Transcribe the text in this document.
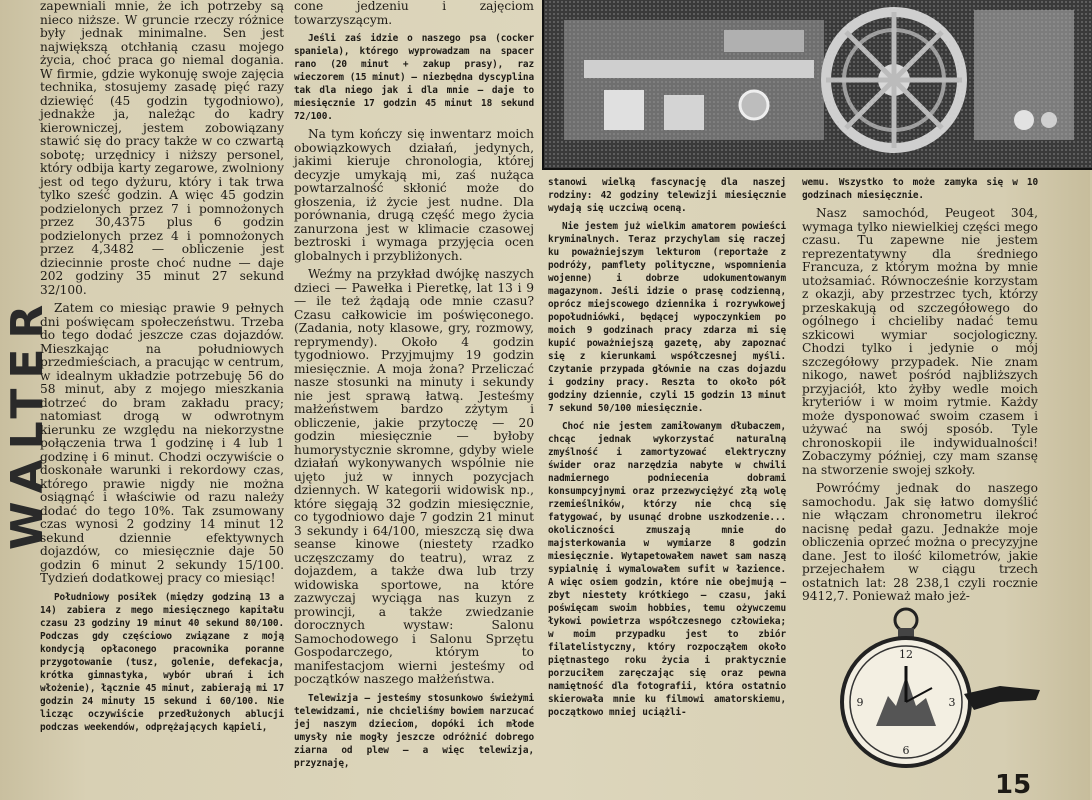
WALTER

zapewniali mnie, że ich potrzeby są nieco niższe. W gruncie rzeczy różnice były jednak minimalne. Sen jest największą otchłanią czasu mojego życia, choć praca go niemal dogania. W firmie, gdzie wykonuję swoje zajęcia technika, stosujemy zasadę pięć razy dziewięć (45 godzin tygodniowo), jednakże ja, należąc do kadry kierowniczej, jestem zobowiązany stawić się do pracy także w co czwartą sobotę; urzędnicy i niższy personel, który odbija karty zegarowe, zwolniony jest od tego dyżuru, który i tak trwa tylko sześć godzin. A więc 45 godzin podzielonych przez 7 i pomnożonych przez 30,4375 plus 6 godzin podzielonych przez 4 i pomnożonych przez 4,3482 — obliczenie jest dziecinnie proste choć nudne — daje 202 godziny 35 minut 27 sekund 32/100.

Zatem co miesiąc prawie 9 pełnych dni poświęcam społeczeństwu. Trzeba do tego dodać jeszcze czas dojazdów. Mieszkając na południowych przedmieściach, a pracując w centrum, w idealnym układzie potrzebuję 56 do 58 minut, aby z mojego mieszkania dotrzeć do bram zakładu pracy; natomiast drogą w odwrotnym kierunku ze względu na niekorzystne połączenia trwa 1 godzinę i 4 lub 1 godzinę i 6 minut. Chodzi oczywiście o doskonałe warunki i rekordowy czas, którego prawie nigdy nie można osiągnąć i właściwie od razu należy dodać do tego 10%. Tak zsumowany czas wynosi 2 godziny 14 minut 12 sekund dziennie efektywnych dojazdów, co miesięcznie daje 50 godzin 6 minut 2 sekundy 15/100. Tydzień dodatkowej pracy co miesiąc!

Południowy posiłek (między godziną 13 a 14) zabiera z mego miesięcznego kapitału czasu 23 godziny 19 minut 40 sekund 80/100. Podczas gdy częściowo związane z moją kondycją opłaconego pracownika poranne przygotowanie (tusz, golenie, defekacja, krótka gimnastyka, wybór ubrań i ich włożenie), łącznie 45 minut, zabierają mi 17 godzin 24 minuty 15 sekund i 60/100. Nie licząc oczywiście przedłużonych ablucji podczas weekendów, odprężających kąpieli,

cone jedzeniu i zajęciom towarzyszącym.

Jeśli zaś idzie o naszego psa (cocker spaniela), którego wyprowadzam na spacer rano (20 minut + zakup prasy), raz wieczorem (15 minut) — niezbędna dyscyplina tak dla niego jak i dla mnie — daje to miesięcznie 17 godzin 45 minut 18 sekund 72/100.

Na tym kończy się inwentarz moich obowiązkowych działań, jedynych, jakimi kieruje chronologia, której decyzje umykają mi, zaś nużąca powtarzalność skłonić może do głoszenia, iż życie jest nudne. Dla porównania, drugą część mego życia zanurzona jest w klimacie czasowej beztroski i wymaga przyjęcia ocen globalnych i przybliżonych.

Weźmy na przykład dwójkę naszych dzieci — Pawełka i Pieretkę, lat 13 i 9 — ile też żądają ode mnie czasu? Czasu całkowicie im poświęconego. (Zadania, noty klasowe, gry, rozmowy, reprymendy). Około 4 godzin tygodniowo. Przyjmujmy 19 godzin miesięcznie. A moja żona? Przeliczać nasze stosunki na minuty i sekundy nie jest sprawą łatwą. Jesteśmy małżeństwem bardzo zżytym i obliczenie, jakie przytoczę — 20 godzin miesięcznie — byłoby humorystycznie skromne, gdyby wiele działań wykonywanych wspólnie nie ujęto już w innych pozycjach dziennych. W kategorii widowisk np., które sięgają 32 godzin miesięcznie, co tygodniowo daje 7 godzin 21 minut 3 sekundy i 64/100, mieszczą się dwa seanse kinowe (niestety rzadko uczęszczamy do teatru), wraz z dojazdem, a także dwa lub trzy widowiska sportowe, na które zazwyczaj wyciąga nas kuzyn z prowincji, a także zwiedzanie dorocznych wystaw: Salonu Samochodowego i Salonu Sprzętu Gospodarczego, którym to manifestacjom wierni jesteśmy od początków naszego małżeństwa.

Telewizja — jesteśmy stosunkowo świeżymi telewidzami, nie chcieliśmy bowiem narzucać jej naszym dzieciom, dopóki ich młode umysły nie mogły jeszcze odróżnić dobrego ziarna od plew — a więc telewizja, przyznaję,

stanowi wielką fascynację dla naszej rodziny: 42 godziny telewizji miesięcznie wydają się uczciwą oceną.

Nie jestem już wielkim amatorem powieści kryminalnych. Teraz przychylam się raczej ku poważniejszym lekturom (reportaże z podróży, pamflety polityczne, wspomnienia wojenne) i dobrze udokumentowanym magazynom. Jeśli idzie o prasę codzienną, oprócz miejscowego dziennika i rozrywkowej popołudniówki, będącej wypoczynkiem po moich 9 godzinach pracy zdarza mi się kupić poważniejszą gazetę, aby zapoznać się z kierunkami współczesnej myśli. Czytanie przypada głównie na czas dojazdu i godziny pracy. Reszta to około pół godziny dziennie, czyli 15 godzin 13 minut 7 sekund 50/100 miesięcznie.

Choć nie jestem zamiłowanym dłubaczem, chcąc jednak wykorzystać naturalną zmyślność i zamortyzować elektryczny świder oraz narzędzia nabyte w chwili nadmiernego podniecenia dobrami konsumpcyjnymi oraz przezwyciężyć złą wolę rzemieślników, którzy nie chcą się fatygować, by usunąć drobne uszkodzenie... okoliczności zmuszają mnie do majsterkowania w wymiarze 8 godzin miesięcznie. Wytapetowałem nawet sam naszą sypialnię i wymalowałem sufit w łazience. A więc osiem godzin, które nie obejmują — zbyt niestety krótkiego — czasu, jaki poświęcam swoim hobbies, temu ożywczemu łykowi powietrza współczesnego człowieka; w moim przypadku jest to zbiór filatelistyczny, który rozpocząłem około piętnastego roku życia i praktycznie porzuciłem zaręczając się oraz pewna namiętność dla fotografii, która ostatnio skierowała mnie ku filmowi amatorskiemu, początkowo mniej uciążli-

wemu. Wszystko to może zamyka się w 10 godzinach miesięcznie.

Nasz samochód, Peugeot 304, wymaga tylko niewielkiej części mego czasu. Tu zapewne nie jestem reprezentatywny dla średniego Francuza, z którym można by mnie utożsamiać. Równocześnie korzystam z okazji, aby przestrzec tych, którzy przeskakują od szczegółowego do ogólnego i chcieliby nadać temu szkicowi wymiar socjologiczny. Chodzi tylko i jedynie o mój szczegółowy przypadek. Nie znam nikogo, nawet pośród najbliższych przyjaciół, kto żyłby wedle moich kryteriów i w moim rytmie. Każdy może dysponować swoim czasem i używać na swój sposób. Tyle chronoskopii ile indywidualności! Zobaczymy później, czy mam szansę na stworzenie swojej szkoły.

Powróćmy jednak do naszego samochodu. Jak się łatwo domyślić nie włączam chronometru ilekroć nacisnę pedał gazu. Jednakże moje obliczenia oprzeć można o precyzyjne dane. Jest to ilość kilometrów, jakie przejechałem w ciągu trzech ostatnich lat: 28 238,1 czyli rocznie 9412,7. Ponieważ mało jeż-

12
3
6
9
15
